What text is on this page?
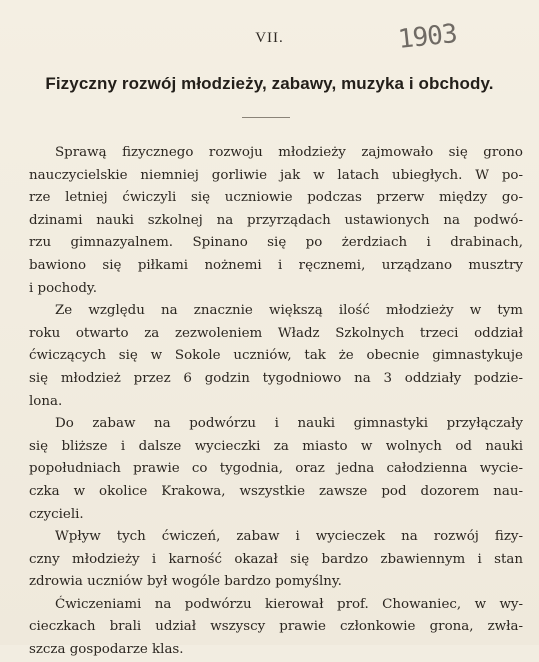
VII.	1903
Fizyczny rozwój młodzieży, zabawy, muzyka i obchody.
Sprawą fizycznego rozwoju młodzieży zajmowało się grono
nauczycielskie niemniej gorliwie jak w latach ubiegłych. W po-
rze letniej ćwiczyli się uczniowie podczas przerw między go-
dzinami nauki szkolnej na przyrządach ustawionych na podwó-
rzu gimnazyalnem. Spinano się po żerdziach i drabinach,
bawiono się piłkami nożnemi i ręcznemi, urządzano musztry
i pochody.
Ze względu na znacznie większą ilość młodzieży w tym
roku otwarto za zezwoleniem Władz Szkolnych trzeci oddział
ćwiczących się w Sokole uczniów, tak że obecnie gimnastykuje
się młodzież przez 6 godzin tygodniowo na 3 oddziały podzie-
lona.
Do zabaw na podwórzu i nauki gimnastyki przyłączały
się bliższe i dalsze wycieczki za miasto w wolnych od nauki
popołudniach prawie co tygodnia, oraz jedna całodzienna wycie-
czka w okolice Krakowa, wszystkie zawsze pod dozorem nau-
czycieli.
Wpływ tych ćwiczeń, zabaw i wycieczek na rozwój fizy-
czny młodzieży i karność okazał się bardzo zbawiennym i stan
zdrowia uczniów był wogóle bardzo pomyślny.
Ćwiczeniami na podwórzu kierował prof. Chowaniec, w wy-
cieczkach brali udział wszyscy prawie członkowie grona, zwła-
szcza gospodarze klas.
